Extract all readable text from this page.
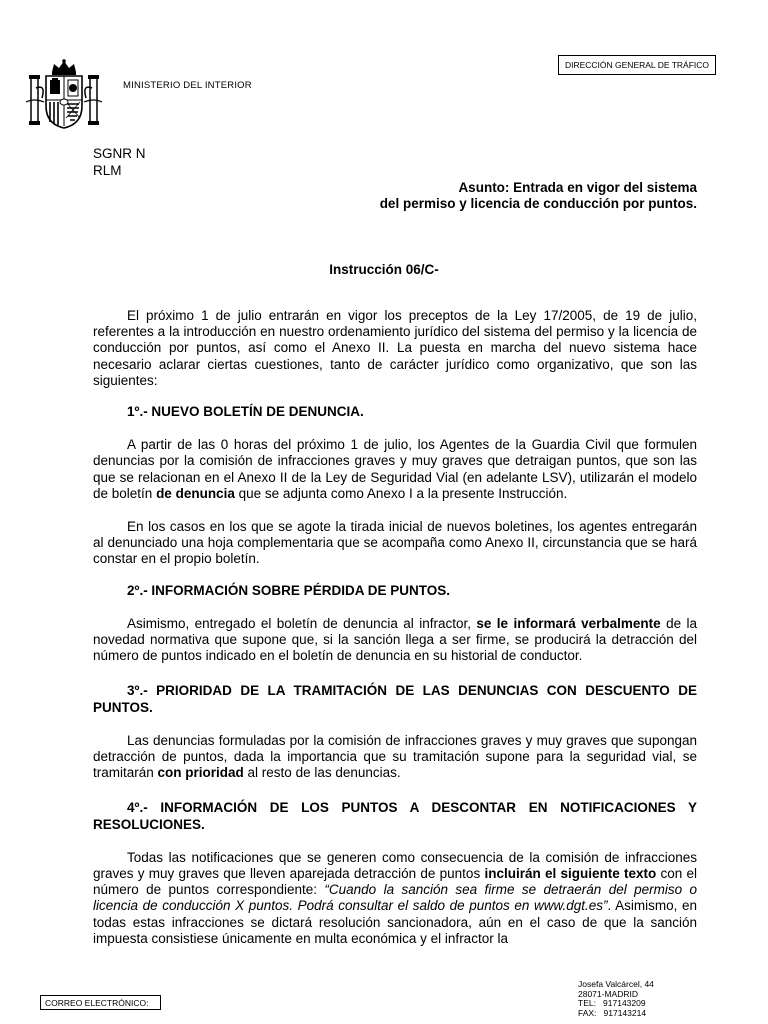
MINISTERIO DEL INTERIOR
DIRECCIÓN GENERAL DE TRÁFICO
SGNR N
RLM
Asunto: Entrada en vigor del sistema
del permiso y licencia de conducción por puntos.
Instrucción 06/C-

El próximo 1 de julio entrarán en vigor los preceptos de la Ley 17/2005, de 19 de julio, referentes a la introducción en nuestro ordenamiento jurídico del sistema del permiso y la licencia de conducción por puntos, así como el Anexo II. La puesta en marcha del nuevo sistema hace necesario aclarar ciertas cuestiones, tanto de carácter jurídico como organizativo, que son las siguientes:

1º.- NUEVO BOLETÍN DE DENUNCIA.

A partir de las 0 horas del próximo 1 de julio, los Agentes de la Guardia Civil que formulen denuncias por la comisión de infracciones graves y muy graves que detraigan puntos, que son las que se relacionan en el Anexo II de la Ley de Seguridad Vial (en adelante LSV), utilizarán el modelo de boletín de denuncia que se adjunta como Anexo I a la presente Instrucción.

En los casos en los que se agote la tirada inicial de nuevos boletines, los agentes entregarán al denunciado una hoja complementaria que se acompaña como Anexo II, circunstancia que se hará constar en el propio boletín.

2º.- INFORMACIÓN SOBRE PÉRDIDA DE PUNTOS.

Asimismo, entregado el boletín de denuncia al infractor, se le informará verbalmente de la novedad normativa que supone que, si la sanción llega a ser firme, se producirá la detracción del número de puntos indicado en el boletín de denuncia en su historial de conductor.

3º.- PRIORIDAD DE LA TRAMITACIÓN DE LAS DENUNCIAS CON DESCUENTO DE PUNTOS.

Las denuncias formuladas por la comisión de infracciones graves y muy graves que supongan detracción de puntos, dada la importancia que su tramitación supone para la seguridad vial, se tramitarán con prioridad al resto de las denuncias.

4º.- INFORMACIÓN DE LOS PUNTOS A DESCONTAR EN NOTIFICACIONES Y RESOLUCIONES.

Todas las notificaciones que se generen como consecuencia de la comisión de infracciones graves y muy graves que lleven aparejada detracción de puntos incluirán el siguiente texto con el número de puntos correspondiente: “Cuando la sanción sea firme se detraerán del permiso o licencia de conducción X puntos. Podrá consultar el saldo de puntos en www.dgt.es”. Asimismo, en todas estas infracciones se dictará resolución sancionadora, aún en el caso de que la sanción impuesta consistiese únicamente en multa económica y el infractor la

Josefa Valcárcel, 44
28071-MADRID
TEL:   917143209
FAX:   917143214
CORREO ELECTRÓNICO:
